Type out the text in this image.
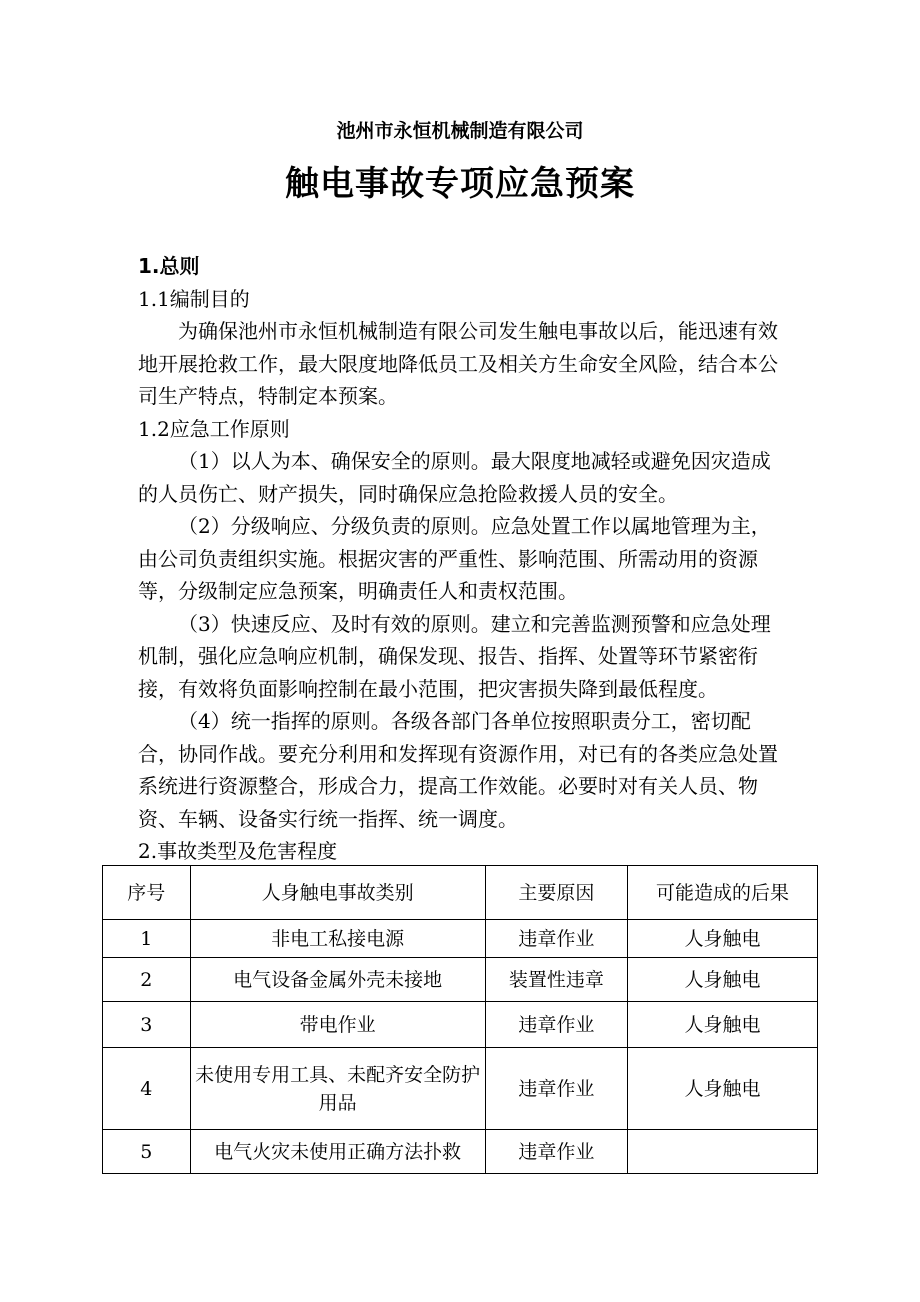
池州市永恒机械制造有限公司
触电事故专项应急预案

1.总则

1.1编制目的

为确保池州市永恒机械制造有限公司发生触电事故以后，能迅速有效地开展抢救工作，最大限度地降低员工及相关方生命安全风险，结合本公司生产特点，特制定本预案。

1.2应急工作原则

（1）以人为本、确保安全的原则。最大限度地减轻或避免因灾造成的人员伤亡、财产损失，同时确保应急抢险救援人员的安全。

（2）分级响应、分级负责的原则。应急处置工作以属地管理为主，由公司负责组织实施。根据灾害的严重性、影响范围、所需动用的资源等，分级制定应急预案，明确责任人和责权范围。

（3）快速反应、及时有效的原则。建立和完善监测预警和应急处理机制，强化应急响应机制，确保发现、报告、指挥、处置等环节紧密衔接，有效将负面影响控制在最小范围，把灾害损失降到最低程度。

（4）统一指挥的原则。各级各部门各单位按照职责分工，密切配合，协同作战。要充分利用和发挥现有资源作用，对已有的各类应急处置系统进行资源整合，形成合力，提高工作效能。必要时对有关人员、物资、车辆、设备实行统一指挥、统一调度。

2.事故类型及危害程度

序号	人身触电事故类别	主要原因	可能造成的后果
1	非电工私接电源	违章作业	人身触电
2	电气设备金属外壳未接地	装置性违章	人身触电
3	带电作业	违章作业	人身触电
4	未使用专用工具、未配齐安全防护用品	违章作业	人身触电
5	电气火灾未使用正确方法扑救	违章作业	
